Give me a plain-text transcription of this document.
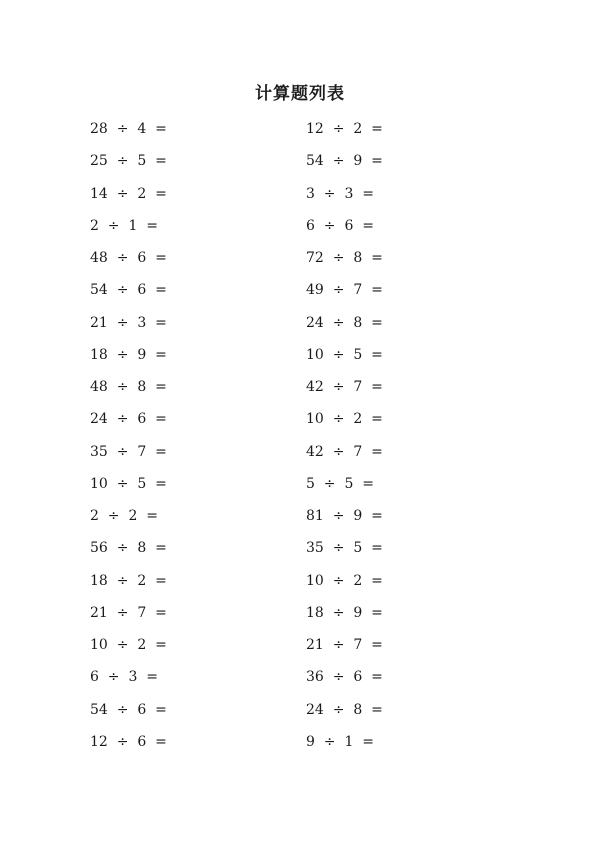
计算题列表
28  ÷  4  =
25  ÷  5  =
14  ÷  2  =
2  ÷  1  =
48  ÷  6  =
54  ÷  6  =
21  ÷  3  =
18  ÷  9  =
48  ÷  8  =
24  ÷  6  =
35  ÷  7  =
10  ÷  5  =
2  ÷  2  =
56  ÷  8  =
18  ÷  2  =
21  ÷  7  =
10  ÷  2  =
6  ÷  3  =
54  ÷  6  =
12  ÷  6  =
12  ÷  2  =
54  ÷  9  =
3  ÷  3  =
6  ÷  6  =
72  ÷  8  =
49  ÷  7  =
24  ÷  8  =
10  ÷  5  =
42  ÷  7  =
10  ÷  2  =
42  ÷  7  =
5  ÷  5  =
81  ÷  9  =
35  ÷  5  =
10  ÷  2  =
18  ÷  9  =
21  ÷  7  =
36  ÷  6  =
24  ÷  8  =
9  ÷  1  =
